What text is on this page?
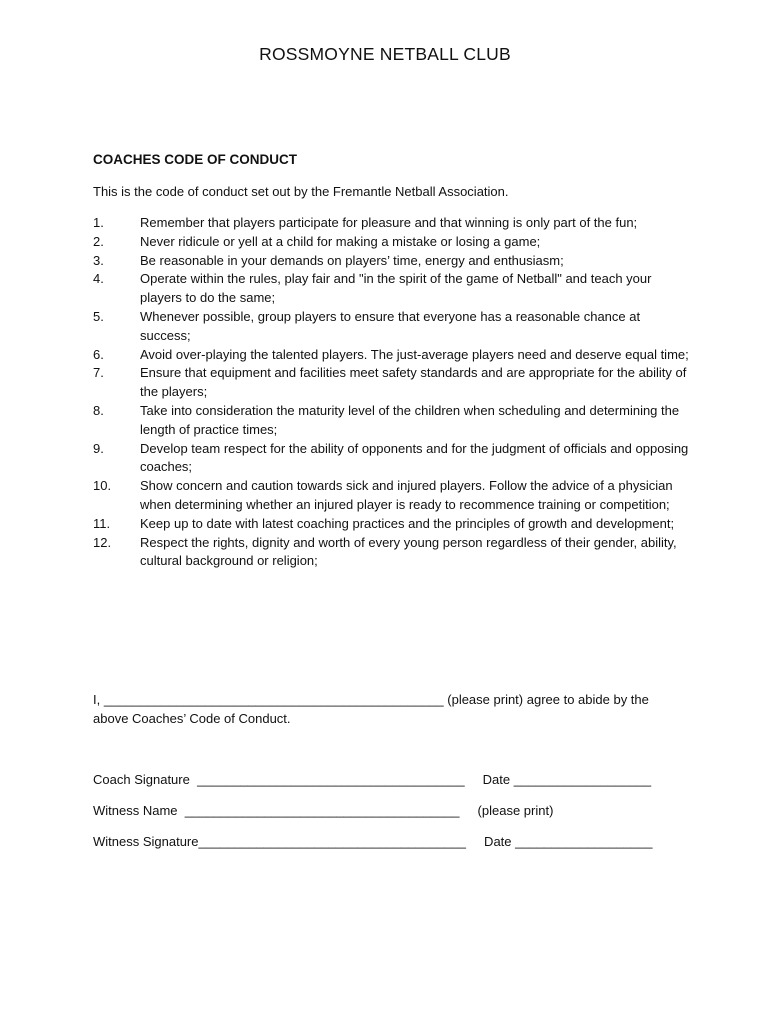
ROSSMOYNE NETBALL CLUB
COACHES CODE OF CONDUCT
This is the code of conduct set out by the Fremantle Netball Association.
1.	Remember that players participate for pleasure and that winning is only part of the fun;
2.	Never ridicule or yell at a child for making a mistake or losing a game;
3.	Be reasonable in your demands on players’ time, energy and enthusiasm;
4.	Operate within the rules, play fair and "in the spirit of the game of Netball" and teach your players to do the same;
5.	Whenever possible, group players to ensure that everyone has a reasonable chance at success;
6.	Avoid over-playing the talented players. The just-average players need and deserve equal time;
7.	Ensure that equipment and facilities meet safety standards and are appropriate for the ability of the players;
8.	Take into consideration the maturity level of the children when scheduling and determining the length of practice times;
9.	Develop team respect for the ability of opponents and for the judgment of officials and opposing coaches;
10. Show concern and caution towards sick and injured players. Follow the advice of a physician when determining whether an injured player is ready to recommence training or competition;
11. Keep up to date with latest coaching practices and the principles of growth and development;
12. Respect the rights, dignity and worth of every young person regardless of their gender, ability, cultural background or religion;
I, _______________________________________________ (please print) agree to abide by the above Coaches’ Code of Conduct.
Coach Signature  _____________________________________     Date ___________________
Witness Name  ______________________________________     (please print)
Witness Signature_____________________________________     Date ___________________
